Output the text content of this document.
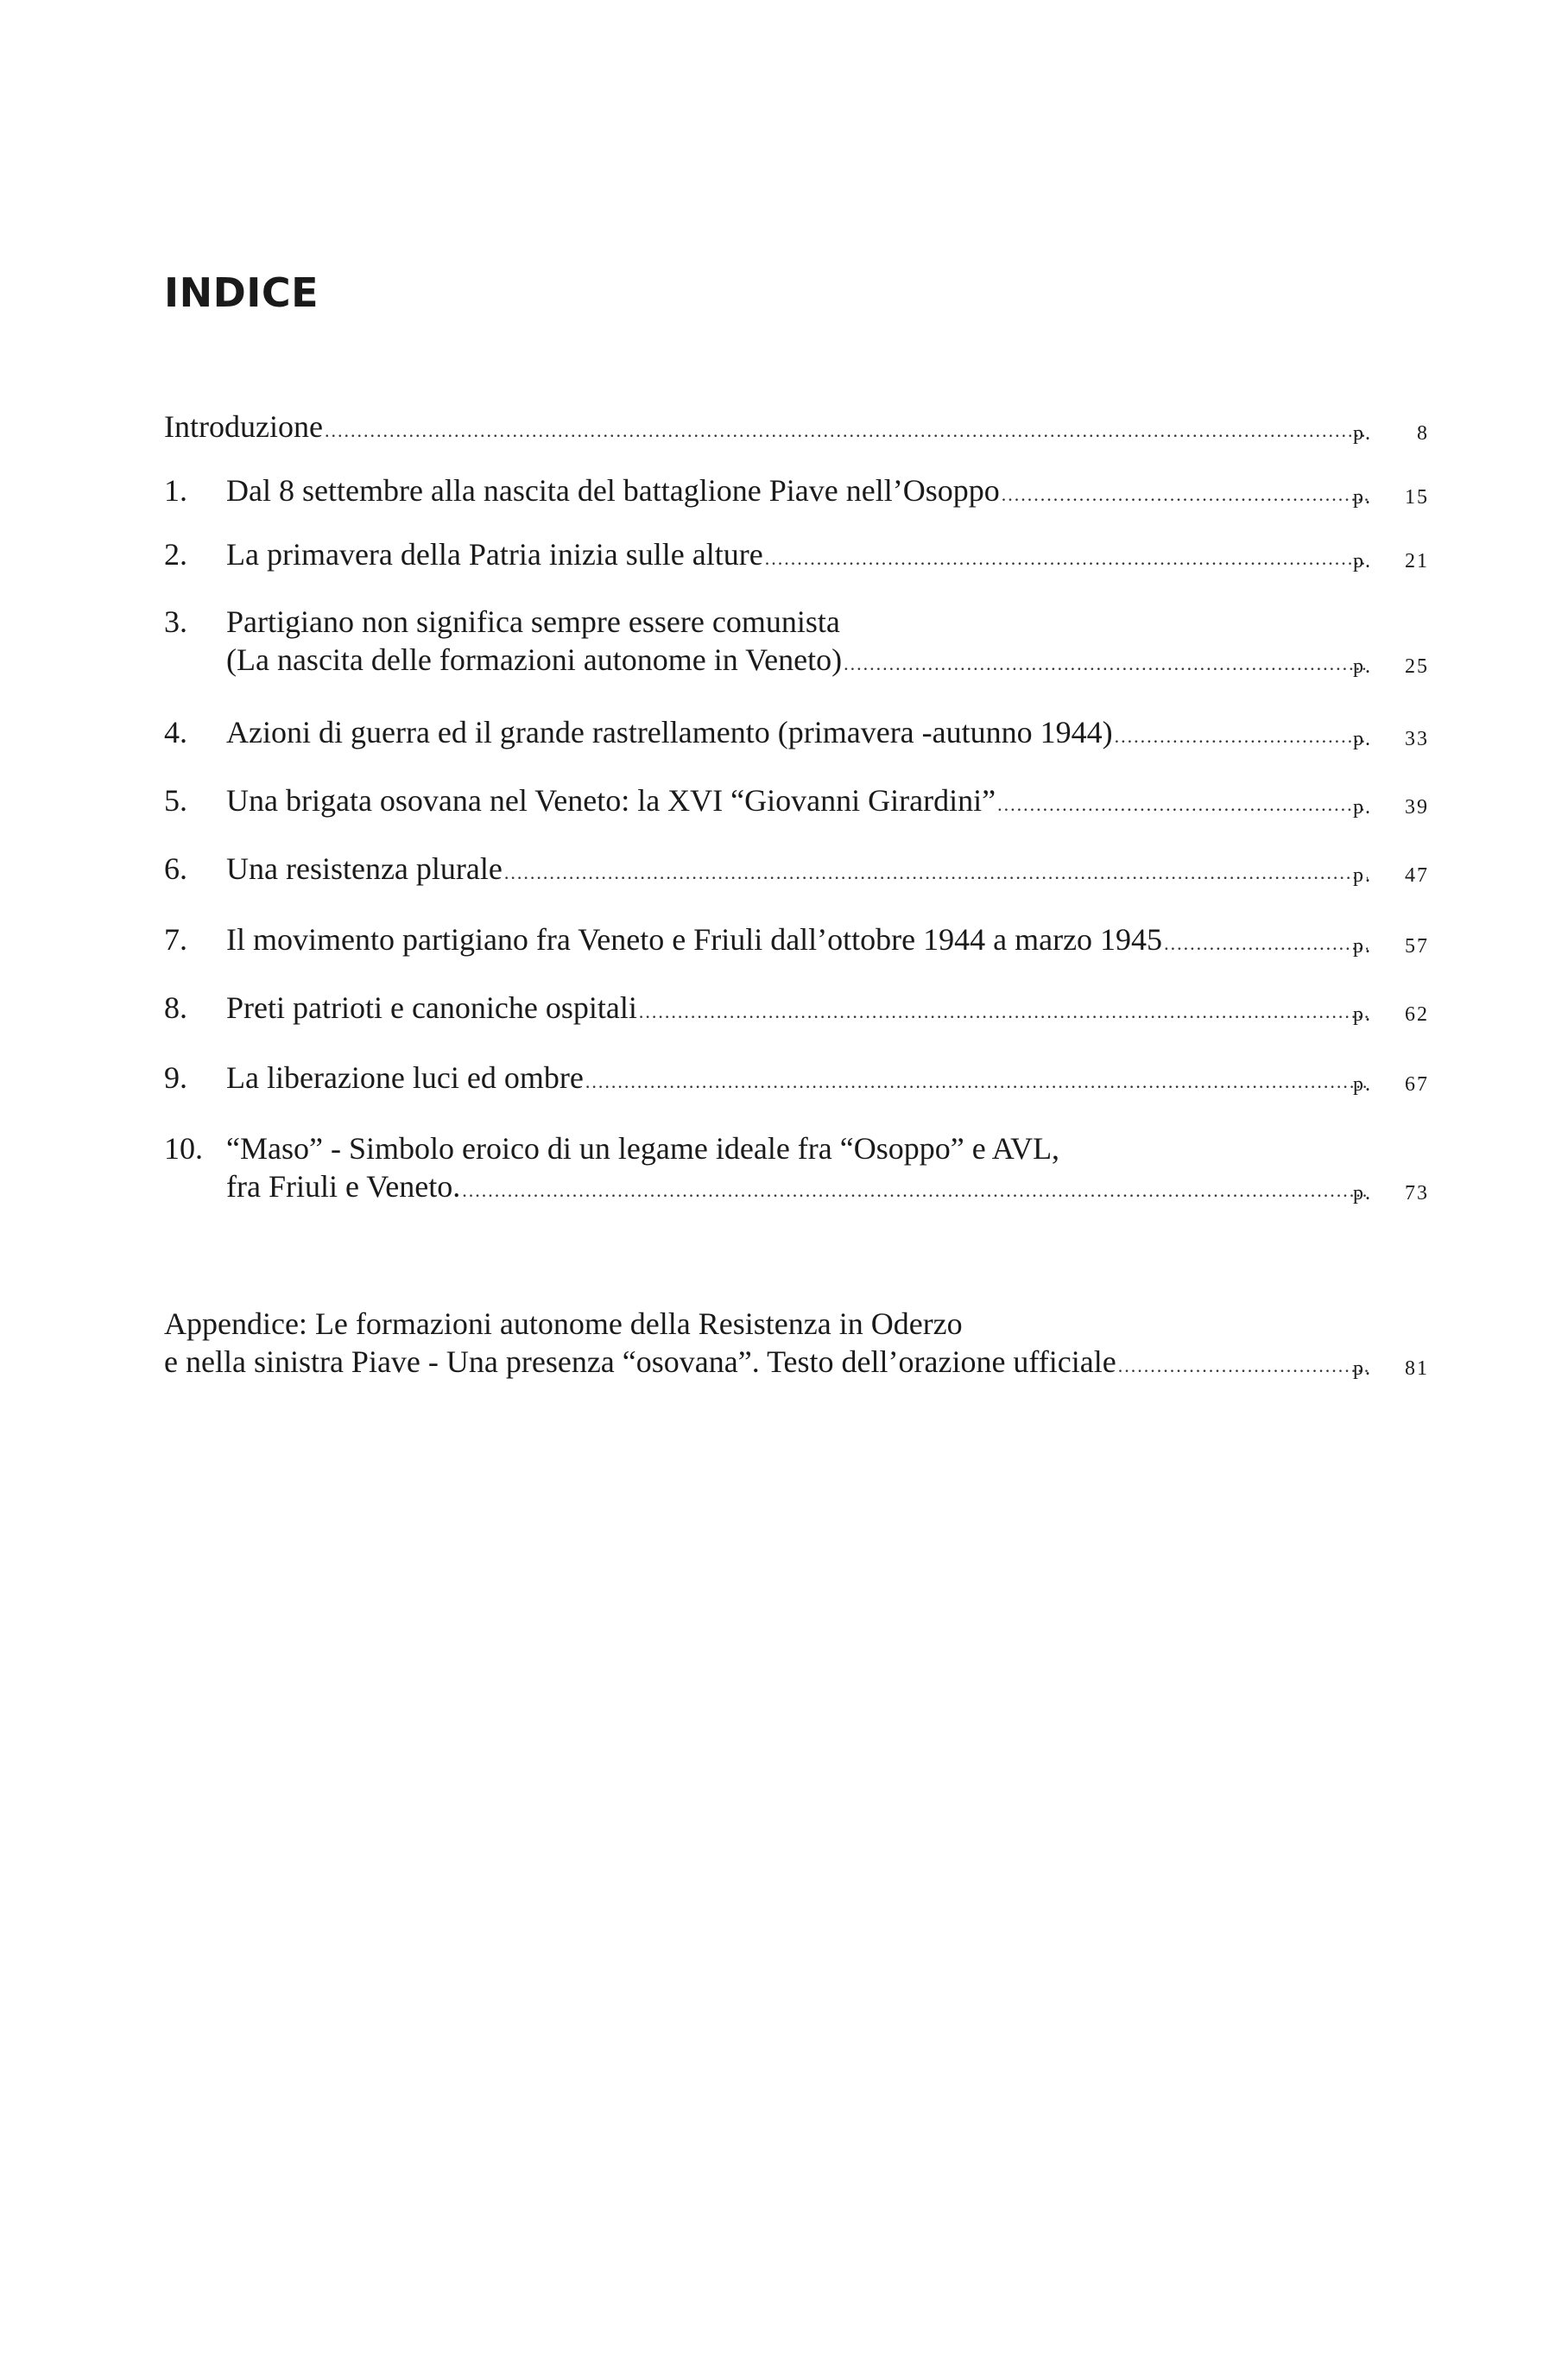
INDICE
Introduzione .....	p. 8
1.	Dal 8 settembre alla nascita del battaglione Piave nell’Osoppo .....	p. 15
2.	La primavera della Patria inizia sulle alture .....	p. 21
3.	Partigiano non significa sempre essere comunista
(La nascita delle formazioni autonome in Veneto) .....	p. 25
4.	Azioni di guerra ed il grande rastrellamento (primavera -autunno 1944) .....	p. 33
5.	Una brigata osovana nel Veneto: la XVI “Giovanni Girardini” .....	p. 39
6.	Una resistenza plurale .....	p. 47
7.	Il movimento partigiano fra Veneto e Friuli dall’ottobre 1944 a marzo 1945 .....	p. 57
8.	Preti patrioti e canoniche ospitali .....	p. 62
9.	La liberazione luci ed ombre .....	p. 67
10. “Maso” - Simbolo eroico di un legame ideale fra “Osoppo” e AVL,
fra Friuli e Veneto. .....	p. 73
Appendice: Le formazioni autonome della Resistenza in Oderzo
e nella sinistra Piave - Una presenza “osovana”. Testo dell’orazione ufficiale .....	p. 81
